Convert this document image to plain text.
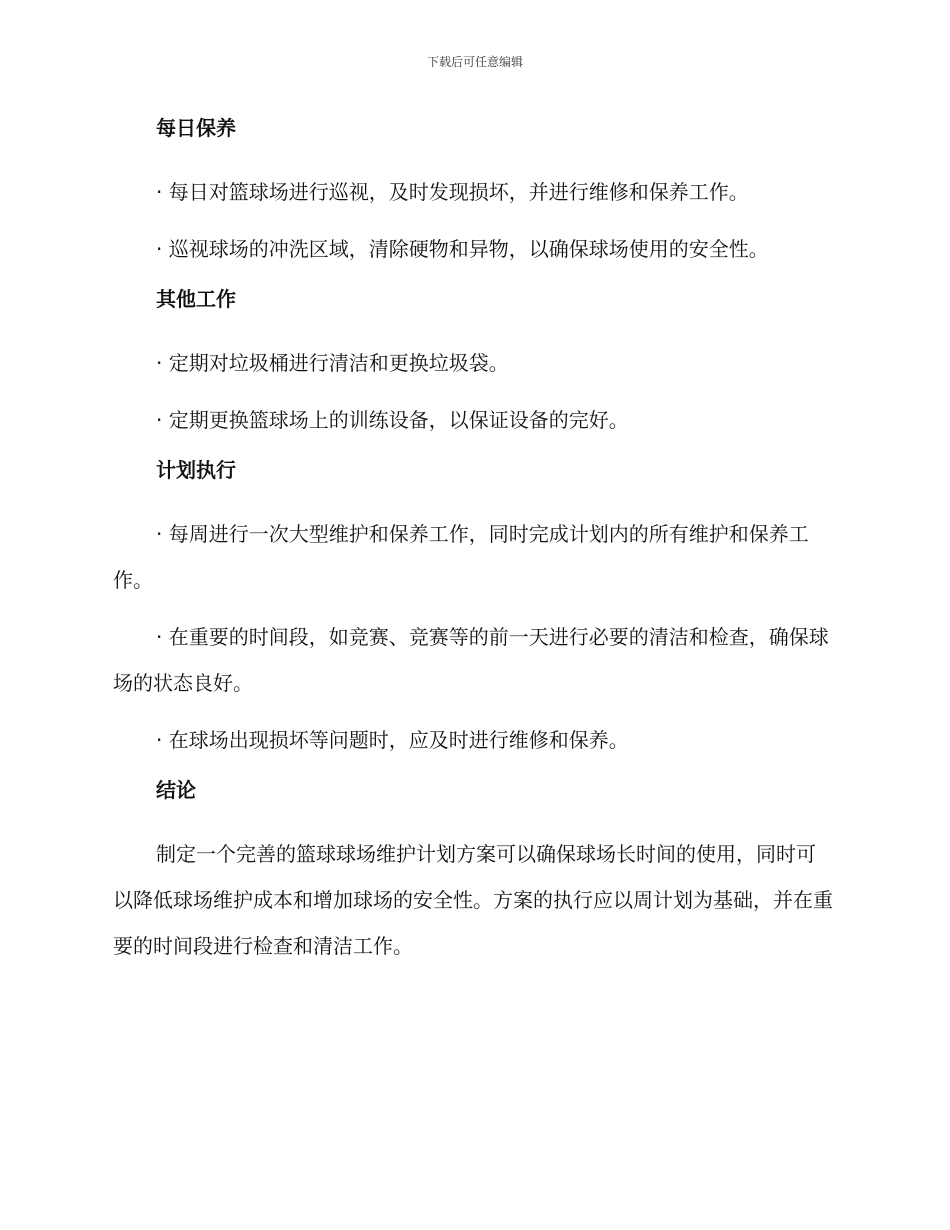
下载后可任意编辑
每日保养

· 每日对篮球场进行巡视，及时发现损坏，并进行维修和保养工作。

· 巡视球场的冲洗区域，清除硬物和异物，以确保球场使用的安全性。

其他工作

· 定期对垃圾桶进行清洁和更换垃圾袋。

· 定期更换篮球场上的训练设备，以保证设备的完好。

计划执行

· 每周进行一次大型维护和保养工作，同时完成计划内的所有维护和保养工作。

· 在重要的时间段，如竞赛、竞赛等的前一天进行必要的清洁和检查，确保球场的状态良好。

· 在球场出现损坏等问题时，应及时进行维修和保养。

结论

制定一个完善的篮球球场维护计划方案可以确保球场长时间的使用，同时可以降低球场维护成本和增加球场的安全性。方案的执行应以周计划为基础，并在重要的时间段进行检查和清洁工作。
